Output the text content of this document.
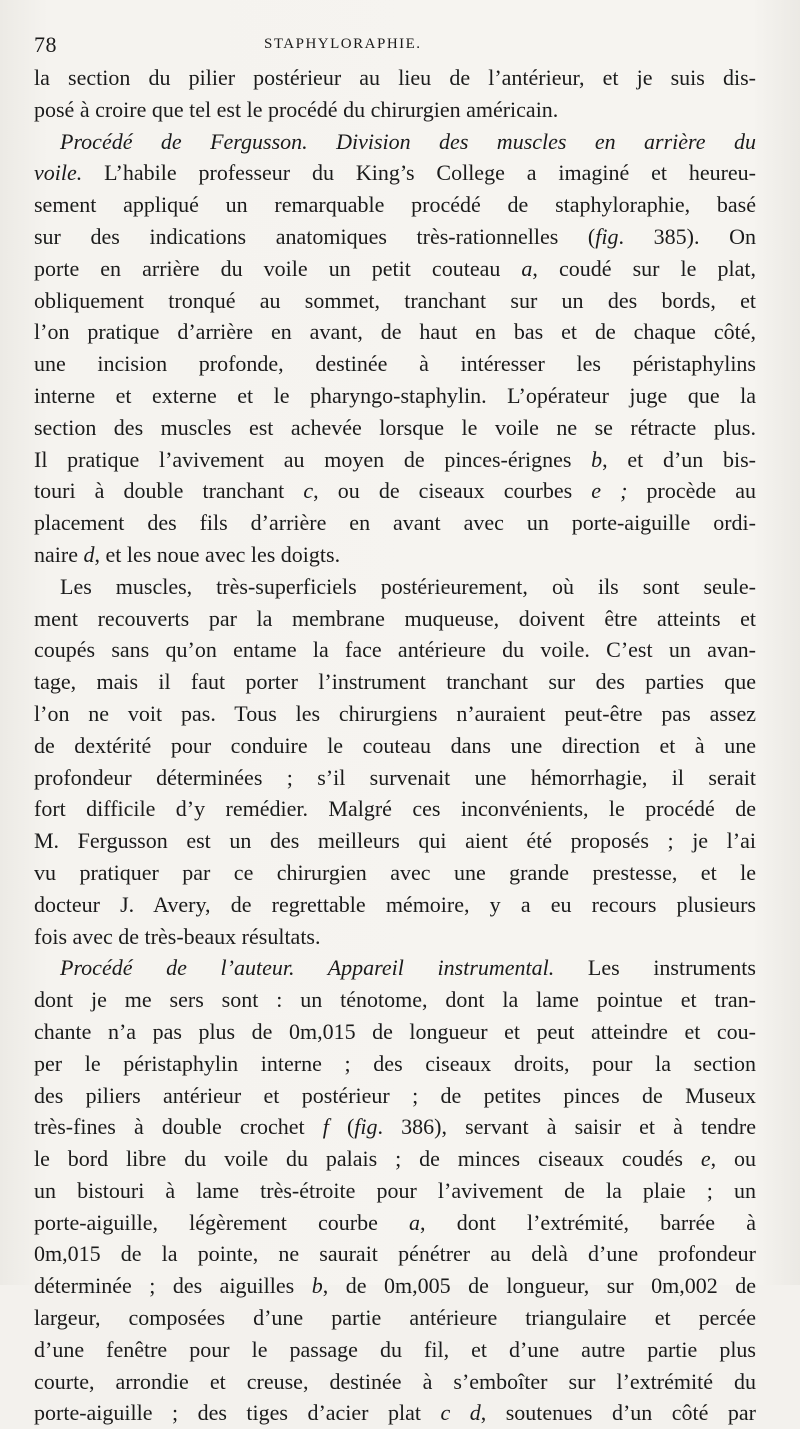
78	STAPHYLORAPHIE.
la section du pilier postérieur au lieu de l’antérieur, et je suis dis-
posé à croire que tel est le procédé du chirurgien américain.
Procédé de Fergusson. Division des muscles en arrière du
voile. L’habile professeur du King’s College a imaginé et heureu-
sement appliqué un remarquable procédé de staphyloraphie, basé
sur des indications anatomiques très-rationnelles (fig. 385). On
porte en arrière du voile un petit couteau a, coudé sur le plat,
obliquement tronqué au sommet, tranchant sur un des bords, et
l’on pratique d’arrière en avant, de haut en bas et de chaque côté,
une incision profonde, destinée à intéresser les péristaphylins
interne et externe et le pharyngo-staphylin. L’opérateur juge que la
section des muscles est achevée lorsque le voile ne se rétracte plus.
Il pratique l’avivement au moyen de pinces-érignes b, et d’un bis-
touri à double tranchant c, ou de ciseaux courbes e ; procède au
placement des fils d’arrière en avant avec un porte-aiguille ordi-
naire d, et les noue avec les doigts.
Les muscles, très-superficiels postérieurement, où ils sont seule-
ment recouverts par la membrane muqueuse, doivent être atteints et
coupés sans qu’on entame la face antérieure du voile. C’est un avan-
tage, mais il faut porter l’instrument tranchant sur des parties que
l’on ne voit pas. Tous les chirurgiens n’auraient peut-être pas assez
de dextérité pour conduire le couteau dans une direction et à une
profondeur déterminées ; s’il survenait une hémorrhagie, il serait
fort difficile d’y remédier. Malgré ces inconvénients, le procédé de
M. Fergusson est un des meilleurs qui aient été proposés ; je l’ai
vu pratiquer par ce chirurgien avec une grande prestesse, et le
docteur J. Avery, de regrettable mémoire, y a eu recours plusieurs
fois avec de très-beaux résultats.
Procédé de l’auteur. Appareil instrumental. Les instruments
dont je me sers sont : un ténotome, dont la lame pointue et tran-
chante n’a pas plus de 0m,015 de longueur et peut atteindre et cou-
per le péristaphylin interne ; des ciseaux droits, pour la section
des piliers antérieur et postérieur ; de petites pinces de Museux
très-fines à double crochet f (fig. 386), servant à saisir et à tendre
le bord libre du voile du palais ; de minces ciseaux coudés e, ou
un bistouri à lame très-étroite pour l’avivement de la plaie ; un
porte-aiguille, légèrement courbe a, dont l’extrémité, barrée à
0m,015 de la pointe, ne saurait pénétrer au delà d’une profondeur
déterminée ; des aiguilles b, de 0m,005 de longueur, sur 0m,002 de
largeur, composées d’une partie antérieure triangulaire et percée
d’une fenêtre pour le passage du fil, et d’une autre partie plus
courte, arrondie et creuse, destinée à s’emboîter sur l’extrémité du
porte-aiguille ; des tiges d’acier plat c d, soutenues d’un côté par
